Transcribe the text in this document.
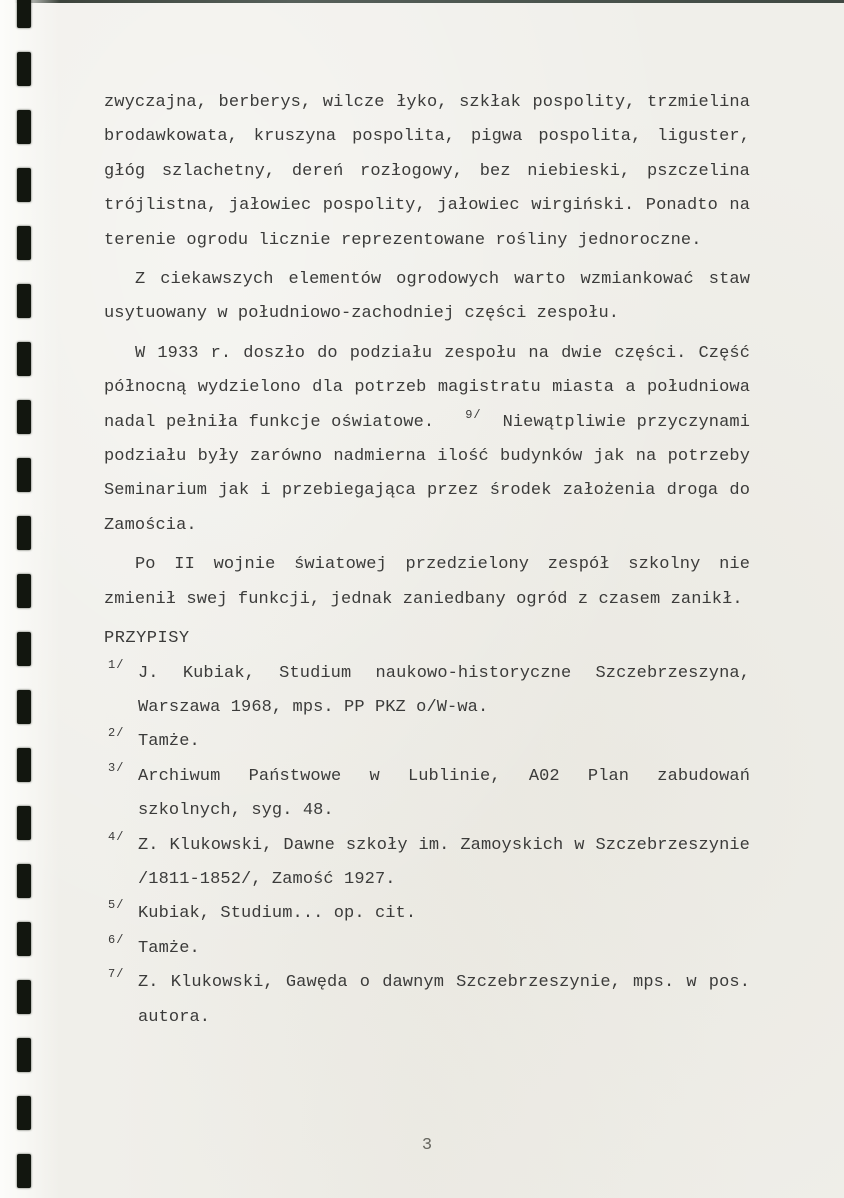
zwyczajna, berberys, wilcze łyko, szkłak pospolity, trzmielina brodawkowata, kruszyna pospolita, pigwa pospolita, liguster, głóg szlachetny, dereń rozłogowy, bez niebieski, pszczelina trójlistna, jałowiec pospolity, jałowiec wirgiński. Ponadto na terenie ogrodu licznie reprezentowane rośliny jednoroczne.

Z ciekawszych elementów ogrodowych warto wzmiankować staw usytuowany w południowo-zachodniej części zespołu.

W 1933 r. doszło do podziału zespołu na dwie części. Część północną wydzielono dla potrzeb magistratu miasta a południowa nadal pełniła funkcje oświatowe.	9/  Niewątpliwie przyczynami podziału były zarówno nadmierna ilość budynków jak na potrzeby Seminarium jak i przebiegająca przez środek założenia droga do Zamościa.

Po II wojnie światowej przedzielony zespół szkolny nie zmienił swej funkcji, jednak zaniedbany ogród z czasem zanikł.

PRZYPISY

1/ J. Kubiak, Studium naukowo-historyczne Szczebrzeszyna, Warszawa 1968, mps. PP PKZ o/W-wa.
2/ Tamże.
3/ Archiwum Państwowe w Lublinie, A02 Plan zabudowań szkolnych, syg. 48.
4/ Z. Klukowski, Dawne szkoły im. Zamoyskich w Szczebrzeszynie /1811-1852/, Zamość 1927.
5/ Kubiak, Studium... op. cit.
6/ Tamże.
7/ Z. Klukowski, Gawęda o dawnym Szczebrzeszynie, mps. w pos. autora.
3
